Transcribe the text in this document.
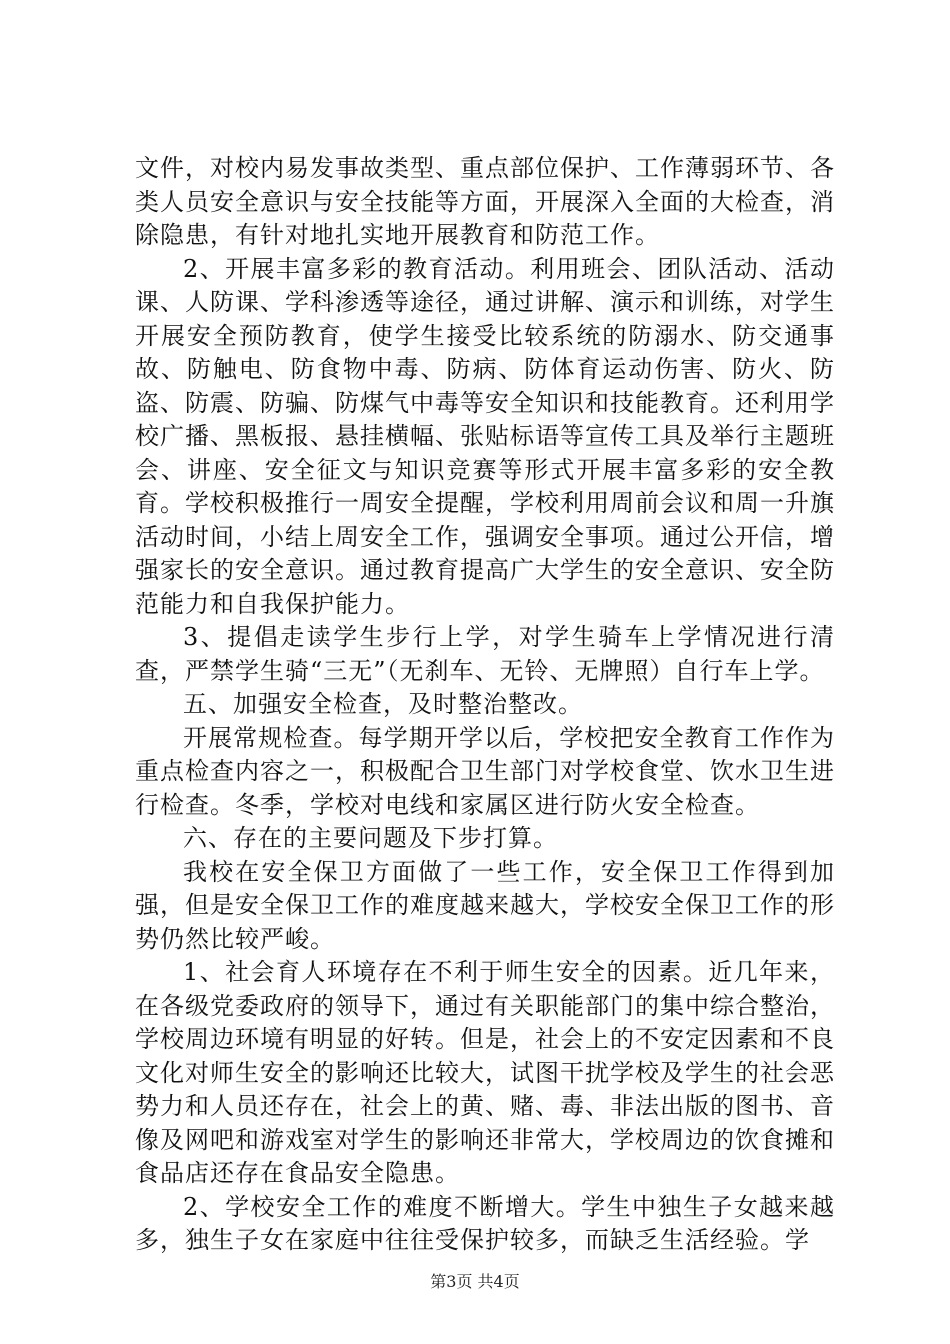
文件，对校内易发事故类型、重点部位保护、工作薄弱环节、各类人员安全意识与安全技能等方面，开展深入全面的大检查，消除隐患，有针对地扎实地开展教育和防范工作。

2、开展丰富多彩的教育活动。利用班会、团队活动、活动课、人防课、学科渗透等途径，通过讲解、演示和训练，对学生开展安全预防教育，使学生接受比较系统的防溺水、防交通事故、防触电、防食物中毒、防病、防体育运动伤害、防火、防盗、防震、防骗、防煤气中毒等安全知识和技能教育。还利用学校广播、黑板报、悬挂横幅、张贴标语等宣传工具及举行主题班会、讲座、安全征文与知识竞赛等形式开展丰富多彩的安全教育。学校积极推行一周安全提醒，学校利用周前会议和周一升旗活动时间，小结上周安全工作，强调安全事项。通过公开信，增强家长的安全意识。通过教育提高广大学生的安全意识、安全防范能力和自我保护能力。

3、提倡走读学生步行上学，对学生骑车上学情况进行清查，严禁学生骑“三无”（无刹车、无铃、无牌照）自行车上学。

五、加强安全检查，及时整治整改。

开展常规检查。每学期开学以后，学校把安全教育工作作为重点检查内容之一，积极配合卫生部门对学校食堂、饮水卫生进行检查。冬季，学校对电线和家属区进行防火安全检查。

六、存在的主要问题及下步打算。

我校在安全保卫方面做了一些工作，安全保卫工作得到加强，但是安全保卫工作的难度越来越大，学校安全保卫工作的形势仍然比较严峻。

1、社会育人环境存在不利于师生安全的因素。近几年来，在各级党委政府的领导下，通过有关职能部门的集中综合整治，学校周边环境有明显的好转。但是，社会上的不安定因素和不良文化对师生安全的影响还比较大，试图干扰学校及学生的社会恶势力和人员还存在，社会上的黄、赌、毒、非法出版的图书、音像及网吧和游戏室对学生的影响还非常大，学校周边的饮食摊和食品店还存在食品安全隐患。

2、学校安全工作的难度不断增大。学生中独生子女越来越多，独生子女在家庭中往往受保护较多，而缺乏生活经验。学

第3页 共4页
